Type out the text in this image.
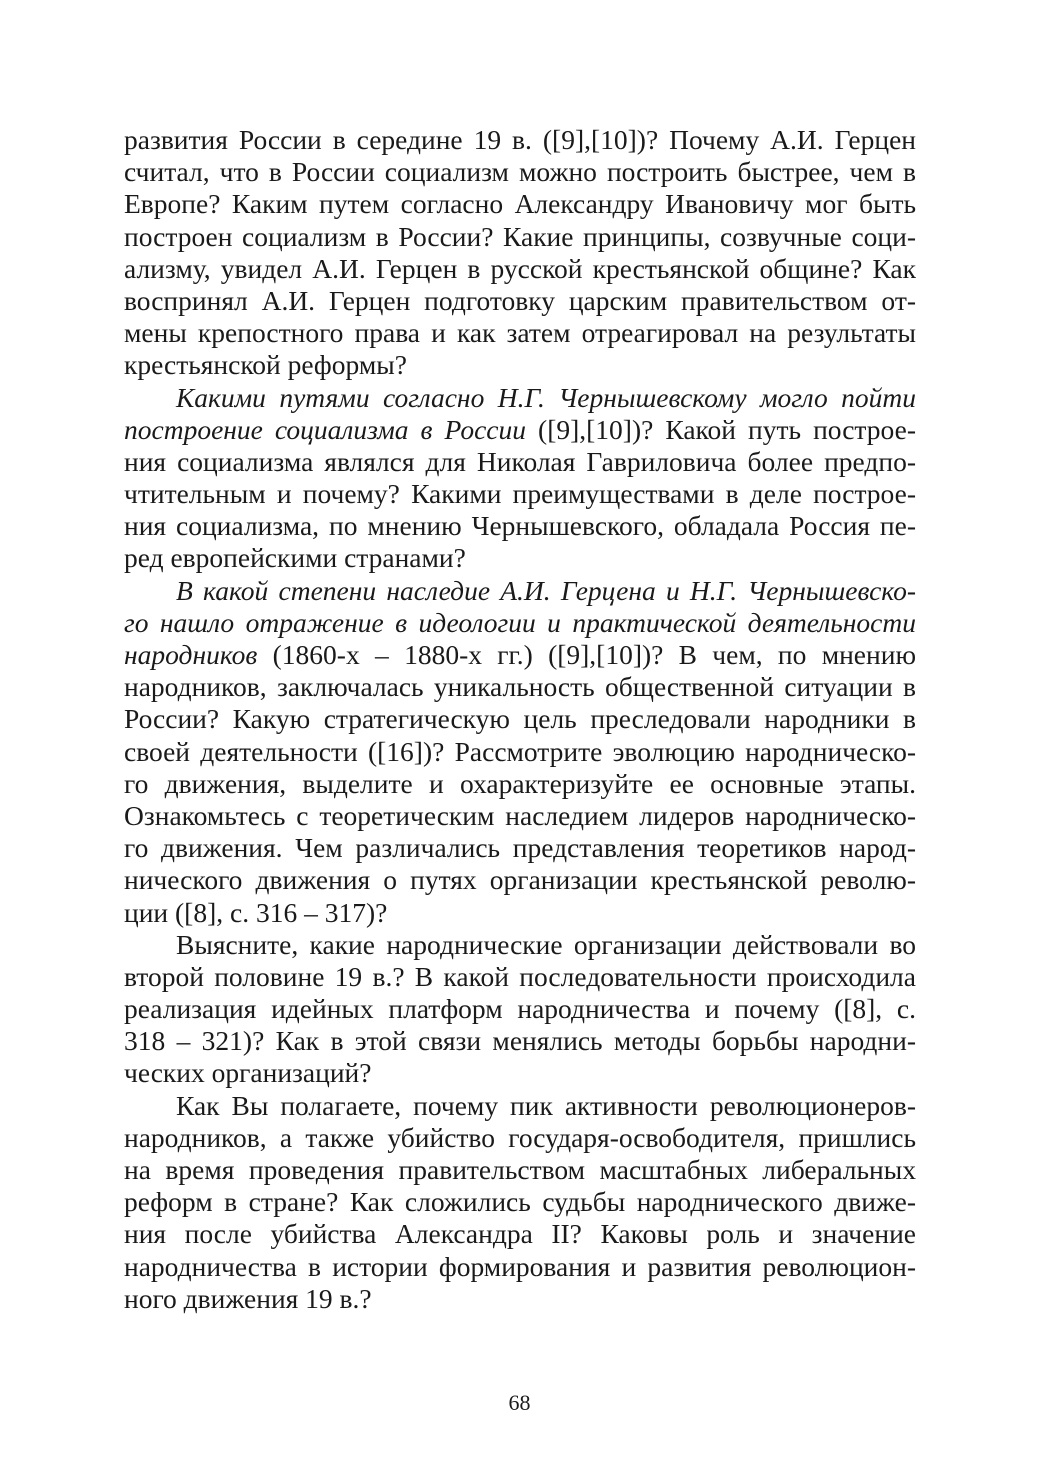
развития России в середине 19 в. ([9],[10])? Почему А.И. Герцен
считал, что в России социализм можно построить быстрее, чем в
Европе? Каким путем согласно Александру Ивановичу мог быть
построен социализм в России? Какие принципы, созвучные соци-
ализму, увидел А.И. Герцен в русской крестьянской общине? Как
воспринял А.И. Герцен подготовку царским правительством от-
мены крепостного права и как затем отреагировал на результаты
крестьянской реформы?
Какими путями согласно Н.Г. Чернышевскому могло пойти
построение социализма в России ([9],[10])? Какой путь построе-
ния социализма являлся для Николая Гавриловича более предпо-
чтительным и почему? Какими преимуществами в деле построе-
ния социализма, по мнению Чернышевского, обладала Россия пе-
ред европейскими странами?
В какой степени наследие А.И. Герцена и Н.Г. Чернышевско-
го нашло отражение в идеологии и практической деятельности
народников (1860-х – 1880-х гг.) ([9],[10])? В чем, по мнению
народников, заключалась уникальность общественной ситуации в
России? Какую стратегическую цель преследовали народники в
своей деятельности ([16])? Рассмотрите эволюцию народническо-
го движения, выделите и охарактеризуйте ее основные этапы.
Ознакомьтесь с теоретическим наследием лидеров народническо-
го движения. Чем различались представления теоретиков народ-
нического движения о путях организации крестьянской револю-
ции ([8], с. 316 – 317)?
Выясните, какие народнические организации действовали во
второй половине 19 в.? В какой последовательности происходила
реализация идейных платформ народничества и почему ([8], с.
318 – 321)? Как в этой связи менялись методы борьбы народни-
ческих организаций?
Как Вы полагаете, почему пик активности революционеров-
народников, а также убийство государя-освободителя, пришлись
на время проведения правительством масштабных либеральных
реформ в стране? Как сложились судьбы народнического движе-
ния после убийства Александра II? Каковы роль и значение
народничества в истории формирования и развития революцион-
ного движения 19 в.?
68
